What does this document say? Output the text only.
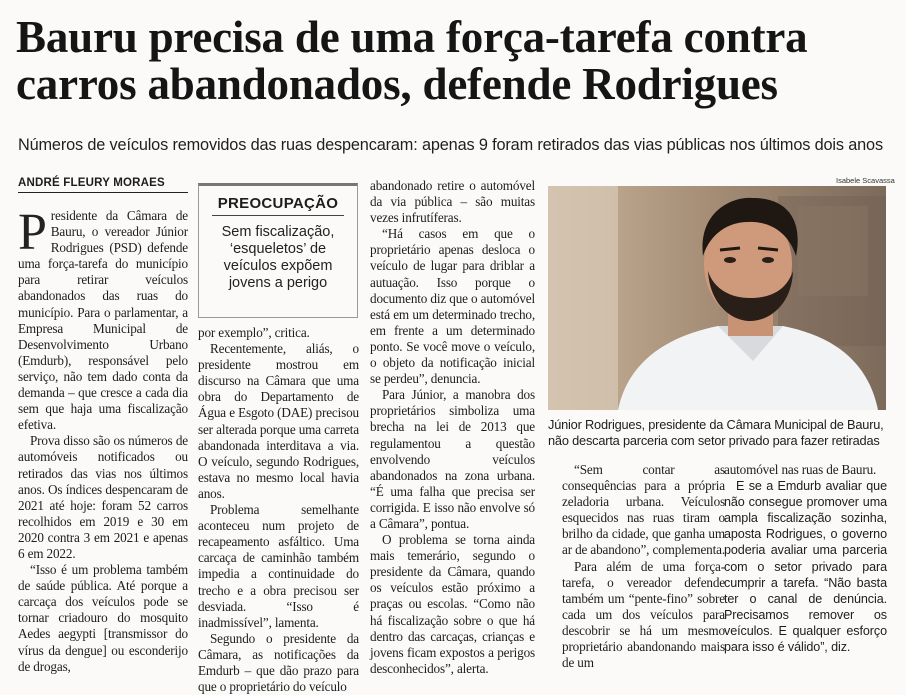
Bauru precisa de uma força-tarefa contra carros abandonados, defende Rodrigues
Números de veículos removidos das ruas despencaram: apenas 9 foram retirados das vias públicas nos últimos dois anos
ANDRÉ FLEURY MORAES

Presidente da Câmara de Bauru, o vereador Júnior Rodrigues (PSD) defende uma força-tarefa do município para retirar veículos abandonados das ruas do município. Para o parlamentar, a Empresa Municipal de Desenvolvimento Urbano (Emdurb), responsável pelo serviço, não tem dado conta da demanda – que cresce a cada dia sem que haja uma fiscalização efetiva.

Prova disso são os números de automóveis notificados ou retirados das vias nos últimos anos. Os índices despencaram de 2021 até hoje: foram 52 carros recolhidos em 2019 e 30 em 2020 contra 3 em 2021 e apenas 6 em 2022.

“Isso é um problema também de saúde pública. Até porque a carcaça dos veículos pode se tornar criadouro do mosquito Aedes aegypti [transmissor do vírus da dengue] ou esconderijo de drogas,

PREOCUPAÇÃO
Sem fiscalização, ‘esqueletos’ de veículos expõem jovens a perigo

por exemplo”, critica.

Recentemente, aliás, o presidente mostrou em discurso na Câmara que uma obra do Departamento de Água e Esgoto (DAE) precisou ser alterada porque uma carreta abandonada interditava a via. O veículo, segundo Rodrigues, estava no mesmo local havia anos.

Problema semelhante aconteceu num projeto de recapeamento asfáltico. Uma carcaça de caminhão também impedia a continuidade do trecho e a obra precisou ser desviada. “Isso é inadmissível”, lamenta.

Segundo o presidente da Câmara, as notificações da Emdurb – que dão prazo para que o proprietário do veículo

abandonado retire o automóvel da via pública – são muitas vezes infrutíferas.

“Há casos em que o proprietário apenas desloca o veículo de lugar para driblar a autuação. Isso porque o documento diz que o automóvel está em um determinado trecho, em frente a um determinado ponto. Se você move o veículo, o objeto da notificação inicial se perdeu”, denuncia.

Para Júnior, a manobra dos proprietários simboliza uma brecha na lei de 2013 que regulamentou a questão envolvendo veículos abandonados na zona urbana. “É uma falha que precisa ser corrigida. E isso não envolve só a Câmara”, pontua.

O problema se torna ainda mais temerário, segundo o presidente da Câmara, quando os veículos estão próximo a praças ou escolas. “Como não há fiscalização sobre o que há dentro das carcaças, crianças e jovens ficam expostos a perigos desconhecidos”, alerta.

Isabele Scavassa
Júnior Rodrigues, presidente da Câmara Municipal de Bauru, não descarta parceria com setor privado para fazer retiradas

“Sem contar as consequências para a própria zeladoria urbana. Veículos esquecidos nas ruas tiram o brilho da cidade, que ganha um ar de abandono”, complementa.

Para além de uma força-tarefa, o vereador defende também um “pente-fino” sobre cada um dos veículos para descobrir se há um mesmo proprietário abandonando mais de um

automóvel nas ruas de Bauru.

E se a Emdurb avaliar que não consegue promover uma ampla fiscalização sozinha, aposta Rodrigues, o governo poderia avaliar uma parceria com o setor privado para cumprir a tarefa. “Não basta ter o canal de denúncia. Precisamos remover os veículos. E qualquer esforço para isso é válido”, diz.
